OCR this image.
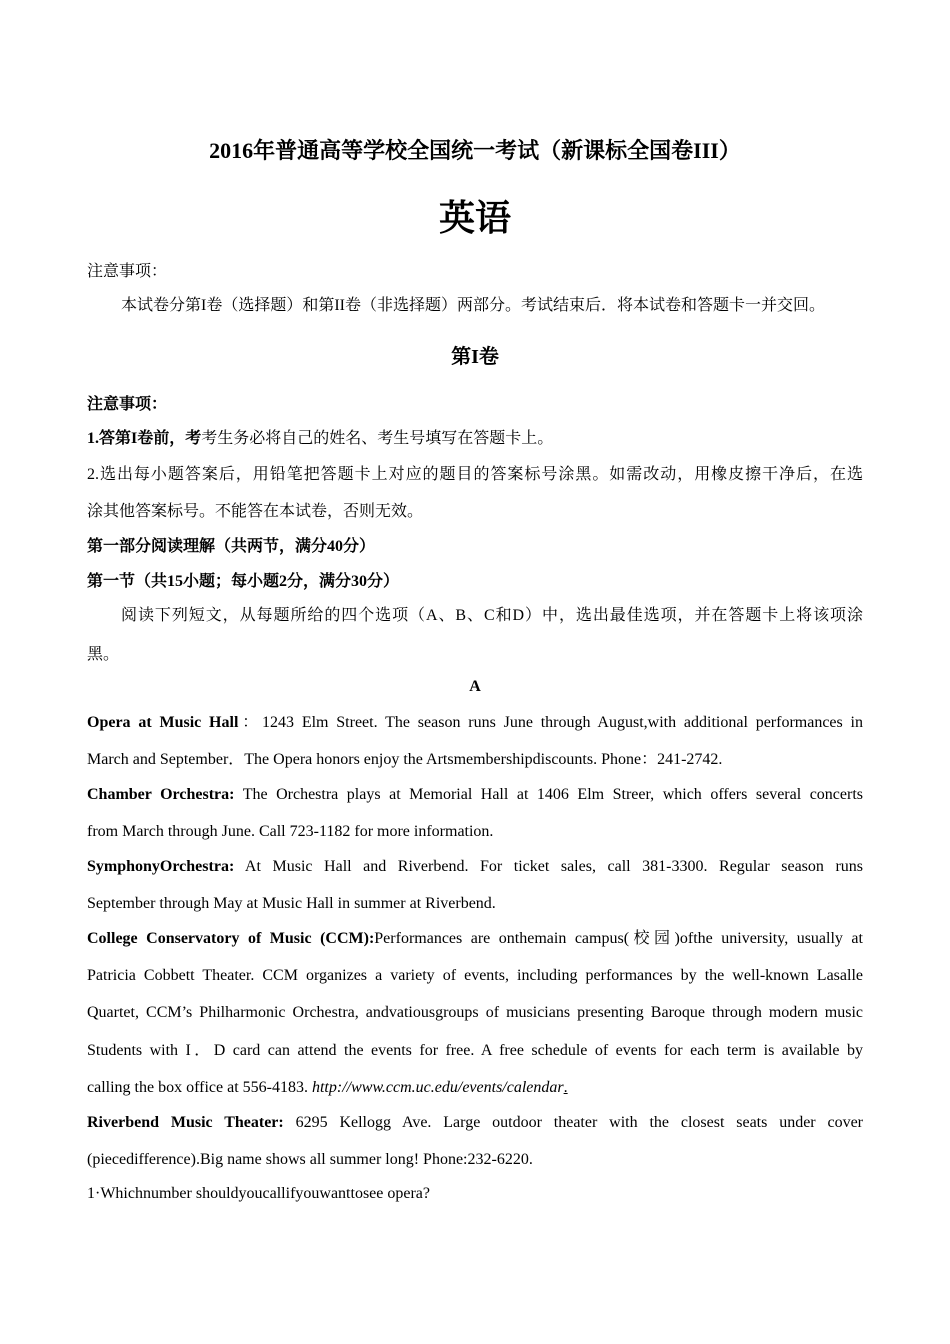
2016年普通高等学校全国统一考试（新课标全国卷III）
英语
注意事项：
本试卷分第I卷（选择题）和第II卷（非选择题）两部分。考试结束后．将本试卷和答题卡一并交回。
第I卷
注意事项：
1.答第I卷前，考考生务必将自己的姓名、考生号填写在答题卡上。
2.选出每小题答案后，用铅笔把答题卡上对应的题目的答案标号涂黑。如需改动，用橡皮擦干净后，在选
涂其他答案标号。不能答在本试卷，否则无效。
第一部分阅读理解（共两节，满分40分）
第一节（共15小题；每小题2分，满分30分）
阅读下列短文，从每题所给的四个选项（A、B、C和D）中，选出最佳选项，并在答题卡上将该项涂
黑。
A
Opera at Music Hall：1243 Elm Street. The season runs June through August,with additional performances in
March and September．The Opera honors enjoy the Artsmembershipdiscounts. Phone：241-2742.
Chamber Orchestra: The Orchestra plays at Memorial Hall at 1406 Elm Streer, which offers several concerts
from March through June. Call 723-1182 for more information.
SymphonyOrchestra: At Music Hall and Riverbend. For ticket sales, call 381-3300. Regular season runs
September through May at Music Hall in summer at Riverbend.
College Conservatory of Music (CCM):Performances are onthemain campus(校园)ofthe university, usually at
Patricia Cobbett Theater. CCM organizes a variety of events, including performances by the well-known Lasalle
Quartet, CCM’s Philharmonic Orchestra, andvatiousgroups of musicians presenting Baroque through modern music
Students with I．D card can attend the events for free. A free schedule of events for each term is available by
calling the box office at 556-4183. http://www.ccm.uc.edu/events/calendar.
Riverbend Music Theater: 6295 Kellogg Ave. Large outdoor theater with the closest seats under cover
(piecedifference).Big name shows all summer long! Phone:232-6220.
1·Whichnumber shouldyoucallifyouwanttosee opera?
